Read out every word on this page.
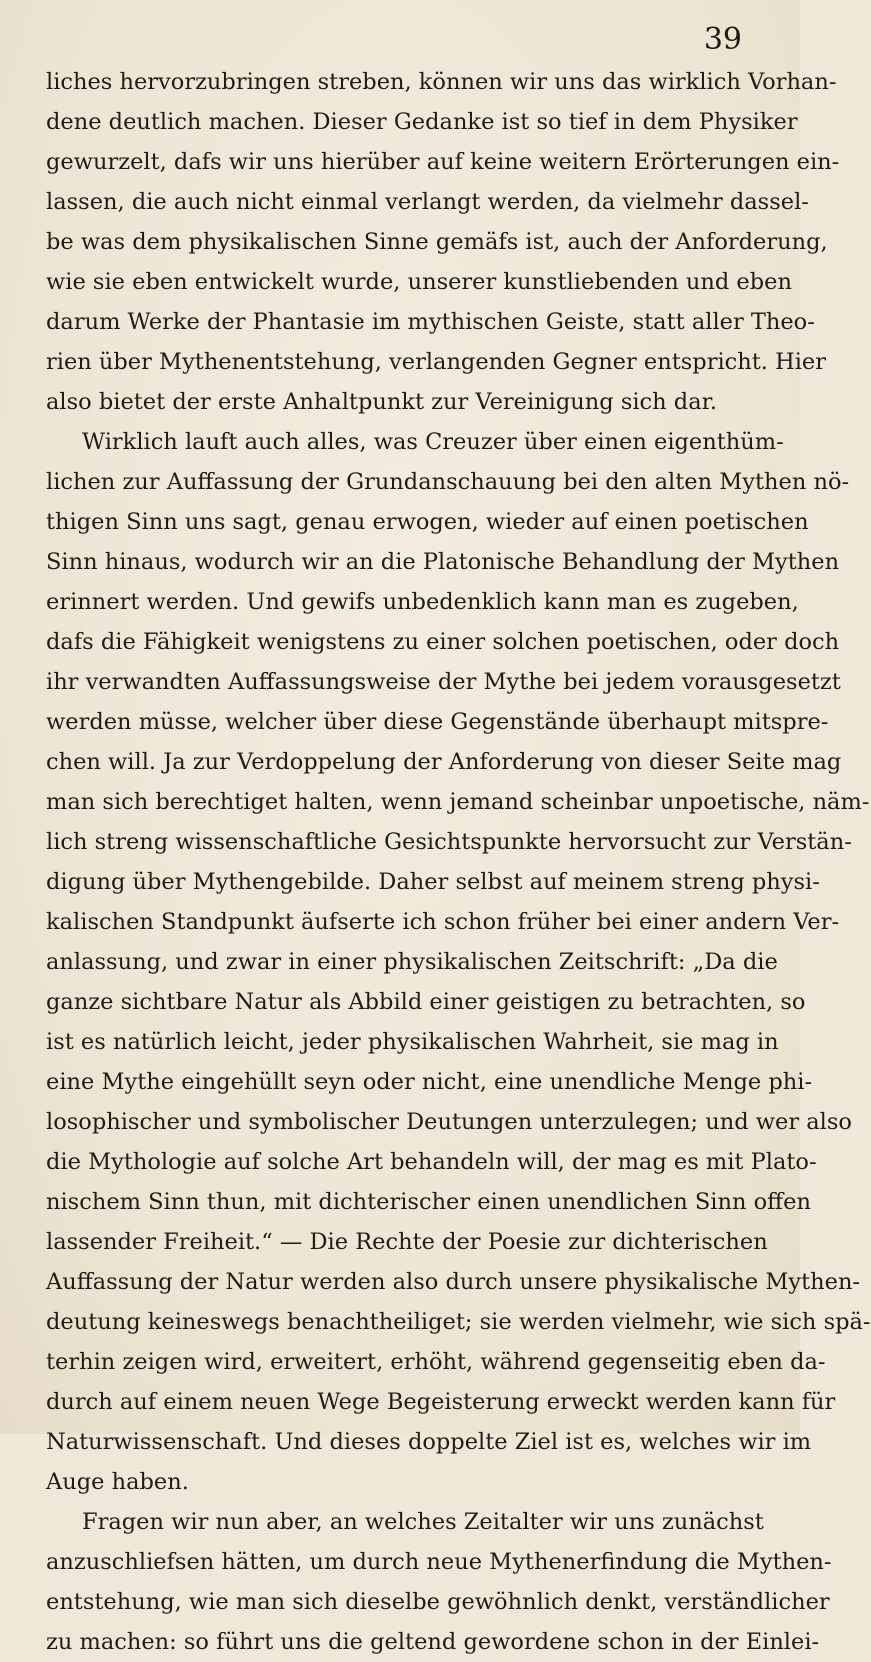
39
liches hervorzubringen streben, können wir uns das wirklich Vorhan-
dene deutlich machen. Dieser Gedanke ist so tief in dem Physiker
gewurzelt, dafs wir uns hierüber auf keine weitern Erörterungen ein-
lassen, die auch nicht einmal verlangt werden, da vielmehr dassel-
be was dem physikalischen Sinne gemäfs ist, auch der Anforderung,
wie sie eben entwickelt wurde, unserer kunstliebenden und eben
darum Werke der Phantasie im mythischen Geiste, statt aller Theo-
rien über Mythenentstehung, verlangenden Gegner entspricht. Hier
also bietet der erste Anhaltpunkt zur Vereinigung sich dar.
Wirklich lauft auch alles, was Creuzer über einen eigenthüm-
lichen zur Auffassung der Grundanschauung bei den alten Mythen nö-
thigen Sinn uns sagt, genau erwogen, wieder auf einen poetischen
Sinn hinaus, wodurch wir an die Platonische Behandlung der Mythen
erinnert werden. Und gewifs unbedenklich kann man es zugeben,
dafs die Fähigkeit wenigstens zu einer solchen poetischen, oder doch
ihr verwandten Auffassungsweise der Mythe bei jedem vorausgesetzt
werden müsse, welcher über diese Gegenstände überhaupt mitspre-
chen will. Ja zur Verdoppelung der Anforderung von dieser Seite mag
man sich berechtiget halten, wenn jemand scheinbar unpoetische, näm-
lich streng wissenschaftliche Gesichtspunkte hervorsucht zur Verstän-
digung über Mythengebilde. Daher selbst auf meinem streng physi-
kalischen Standpunkt äufserte ich schon früher bei einer andern Ver-
anlassung, und zwar in einer physikalischen Zeitschrift: „Da die
ganze sichtbare Natur als Abbild einer geistigen zu betrachten, so
ist es natürlich leicht, jeder physikalischen Wahrheit, sie mag in
eine Mythe eingehüllt seyn oder nicht, eine unendliche Menge phi-
losophischer und symbolischer Deutungen unterzulegen; und wer also
die Mythologie auf solche Art behandeln will, der mag es mit Plato-
nischem Sinn thun, mit dichterischer einen unendlichen Sinn offen
lassender Freiheit.“ — Die Rechte der Poesie zur dichterischen
Auffassung der Natur werden also durch unsere physikalische Mythen-
deutung keineswegs benachtheiliget; sie werden vielmehr, wie sich spä-
terhin zeigen wird, erweitert, erhöht, während gegenseitig eben da-
durch auf einem neuen Wege Begeisterung erweckt werden kann für
Naturwissenschaft. Und dieses doppelte Ziel ist es, welches wir im
Auge haben.
Fragen wir nun aber, an welches Zeitalter wir uns zunächst
anzuschliefsen hätten, um durch neue Mythenerfindung die Mythen-
entstehung, wie man sich dieselbe gewöhnlich denkt, verständlicher
zu machen: so führt uns die geltend gewordene schon in der Einlei-
